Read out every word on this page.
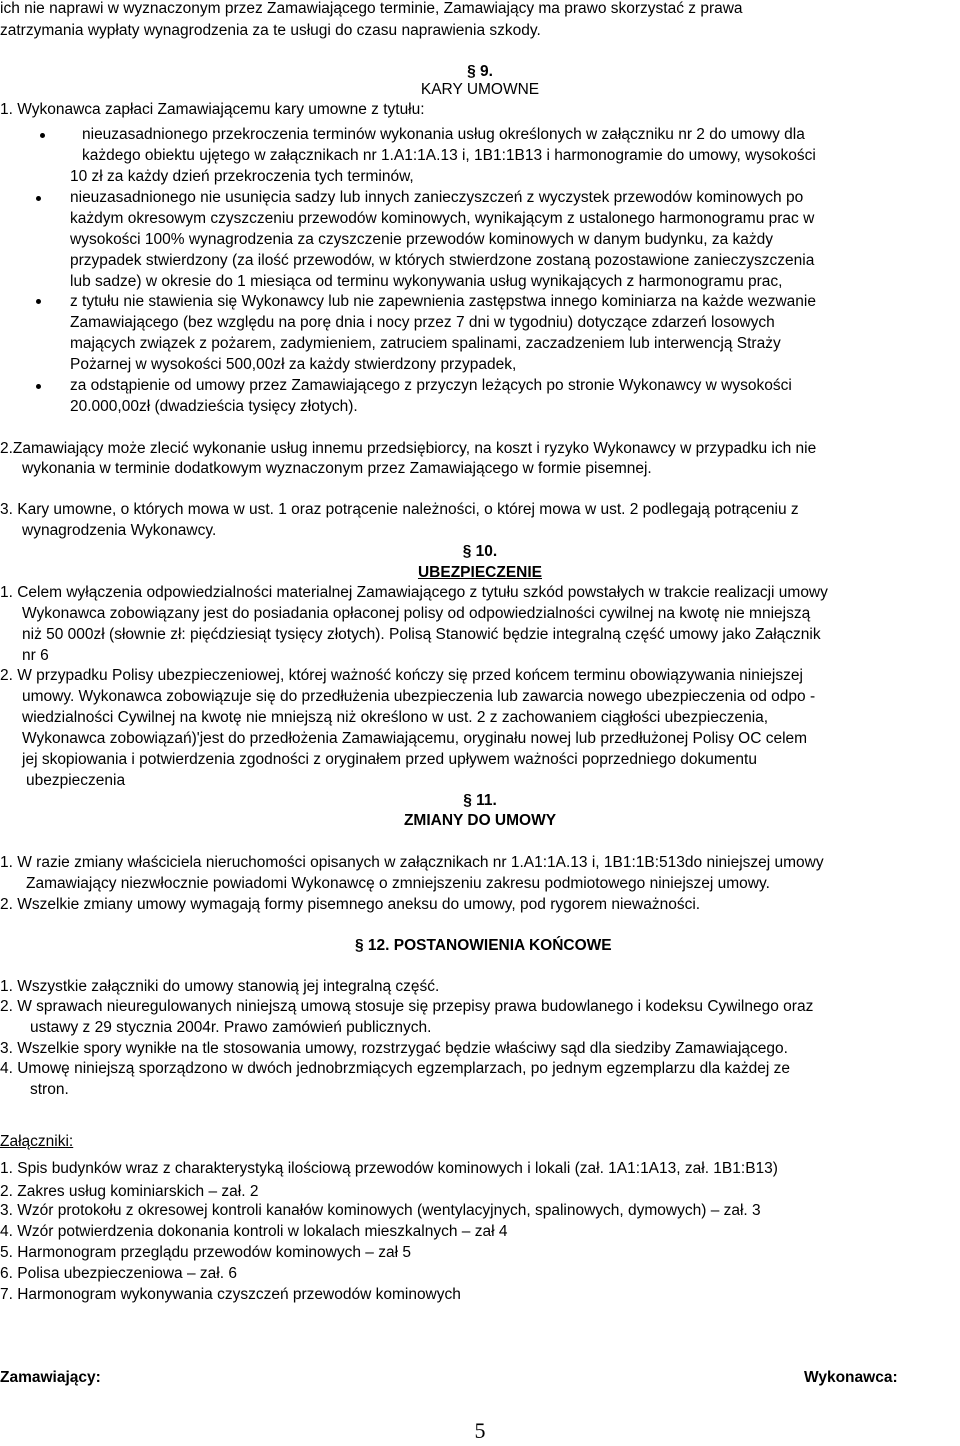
ich nie naprawi w wyznaczonym przez Zamawiającego terminie, Zamawiający ma prawo skorzystać z prawa
zatrzymania wypłaty wynagrodzenia za te usługi do czasu naprawienia szkody.
§ 9.
KARY UMOWNE
1. Wykonawca zapłaci Zamawiającemu kary umowne z tytułu:
nieuzasadnionego przekroczenia terminów wykonania usług określonych w załączniku nr 2 do umowy dla
każdego obiektu ujętego w załącznikach nr 1.A1:1A.13 i, 1B1:1B13 i harmonogramie do umowy, wysokości
10 zł za każdy dzień przekroczenia tych terminów,
nieuzasadnionego nie usunięcia sadzy lub innych zanieczyszczeń z wyczystek przewodów kominowych po
każdym okresowym czyszczeniu przewodów kominowych, wynikającym z ustalonego harmonogramu prac w
wysokości 100% wynagrodzenia za czyszczenie przewodów kominowych w danym budynku, za każdy
przypadek stwierdzony (za ilość przewodów, w których stwierdzone zostaną pozostawione zanieczyszczenia
lub sadze) w okresie do 1 miesiąca od terminu wykonywania usług wynikających z harmonogramu prac,
z tytułu nie stawienia się Wykonawcy lub nie zapewnienia zastępstwa innego kominiarza na każde wezwanie
Zamawiającego (bez względu na porę dnia i nocy przez 7 dni w tygodniu) dotyczące zdarzeń losowych
mających związek z pożarem, zadymieniem, zatruciem spalinami, zaczadzeniem lub interwencją Straży
Pożarnej w wysokości 500,00zł za każdy stwierdzony przypadek,
za odstąpienie od umowy przez Zamawiającego z przyczyn leżących po stronie Wykonawcy w wysokości
20.000,00zł (dwadzieścia tysięcy złotych).
2.Zamawiający może zlecić wykonanie usług innemu przedsiębiorcy, na koszt i ryzyko Wykonawcy w przypadku ich nie
wykonania w terminie dodatkowym wyznaczonym przez Zamawiającego w formie pisemnej.
3. Kary umowne, o których mowa w ust. 1 oraz potrącenie należności, o której mowa w ust. 2 podlegają potrąceniu z
wynagrodzenia Wykonawcy.
§ 10.
UBEZPIECZENIE
1. Celem wyłączenia odpowiedzialności materialnej Zamawiającego z tytułu szkód powstałych w trakcie realizacji umowy
Wykonawca zobowiązany jest do posiadania opłaconej polisy od odpowiedzialności cywilnej na kwotę nie mniejszą
niż 50 000zł (słownie zł: pięćdziesiąt tysięcy złotych). Polisą Stanowić będzie integralną część umowy jako Załącznik
nr 6
2. W przypadku Polisy ubezpieczeniowej, której ważność kończy się przed końcem terminu obowiązywania niniejszej
umowy. Wykonawca zobowiązuje się do przedłużenia ubezpieczenia lub zawarcia nowego ubezpieczenia od odpo -
wiedzialności Cywilnej na kwotę nie mniejszą niż określono w ust. 2 z zachowaniem ciągłości ubezpieczenia,
Wykonawca zobowiązań)'jest do przedłożenia Zamawiającemu, oryginału nowej lub przedłużonej Polisy OC celem
jej skopiowania i potwierdzenia zgodności z oryginałem przed upływem ważności poprzedniego dokumentu
ubezpieczenia
§ 11.
ZMIANY DO UMOWY
1. W razie zmiany właściciela nieruchomości opisanych w załącznikach nr 1.A1:1A.13 i, 1B1:1B:513do niniejszej umowy
Zamawiający niezwłocznie powiadomi Wykonawcę o zmniejszeniu zakresu podmiotowego niniejszej umowy.
2. Wszelkie zmiany umowy wymagają formy pisemnego aneksu do umowy, pod rygorem nieważności.
§ 12. POSTANOWIENIA KOŃCOWE
1. Wszystkie załączniki do umowy stanowią jej integralną część.
2. W sprawach nieuregulowanych niniejszą umową stosuje się przepisy prawa budowlanego i kodeksu Cywilnego oraz
ustawy z 29 stycznia 2004r. Prawo zamówień publicznych.
3. Wszelkie spory wynikłe na tle stosowania umowy, rozstrzygać będzie właściwy sąd dla siedziby Zamawiającego.
4. Umowę niniejszą sporządzono w dwóch jednobrzmiących egzemplarzach, po jednym egzemplarzu dla każdej ze
stron.
Załączniki:
1. Spis budynków wraz z charakterystyką ilościową przewodów kominowych i lokali (zał. 1A1:1A13, zał. 1B1:B13)
2. Zakres usług kominiarskich – zał. 2
3. Wzór protokołu z okresowej kontroli kanałów kominowych (wentylacyjnych, spalinowych, dymowych) – zał. 3
4. Wzór potwierdzenia dokonania kontroli w lokalach mieszkalnych – zał 4
5. Harmonogram przeglądu przewodów kominowych – zał 5
6. Polisa ubezpieczeniowa – zał. 6
7. Harmonogram wykonywania czyszczeń przewodów kominowych
Zamawiający:	Wykonawca:
5
